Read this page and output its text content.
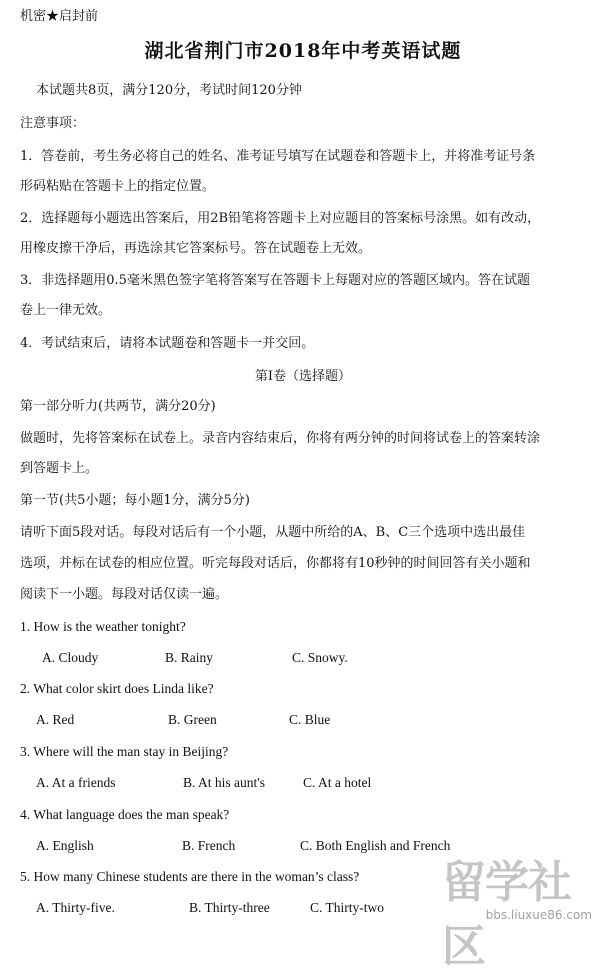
机密★启封前
湖北省荆门市2018年中考英语试题
本试题共8页，满分120分，考试时间120分钟
注意事项：
1．答卷前，考生务必将自己的姓名、准考证号填写在试题卷和答题卡上，并将准考证号条
形码粘贴在答题卡上的指定位置。
2．选择题每小题选出答案后，用2B铅笔将答题卡上对应题目的答案标号涂黑。如有改动，
用橡皮擦干净后，再选涂其它答案标号。答在试题卷上无效。
3．非选择题用0.5毫米黑色签字笔将答案写在答题卡上每题对应的答题区域内。答在试题
卷上一律无效。
4．考试结束后，请将本试题卷和答题卡一并交回。
第Ⅰ卷（选择题）
第一部分听力(共两节，满分20分)
做题时，先将答案标在试卷上。录音内容结束后，你将有两分钟的时间将试卷上的答案转涂
到答题卡上。
第一节(共5小题；每小题1分，满分5分)
请听下面5段对话。每段对话后有一个小题，从题中所给的A、B、C三个选项中选出最佳
选项，并标在试卷的相应位置。听完每段对话后，你都将有10秒钟的时间回答有关小题和
阅读下一小题。每段对话仅读一遍。
1. How is the weather tonight?
A. Cloudy	B. Rainy	C. Snowy.
2. What color skirt does Linda like?
A. Red	B. Green	C. Blue
3. Where will the man stay in Beijing?
A. At a friends	B. At his aunt's	C. At a hotel
4. What language does the man speak?
A. English	B. French	C. Both English and French
5. How many Chinese students are there in the woman’s class?
A. Thirty-five.	B. Thirty-three	C. Thirty-two 留学社区
bbs.liuxue86.com
